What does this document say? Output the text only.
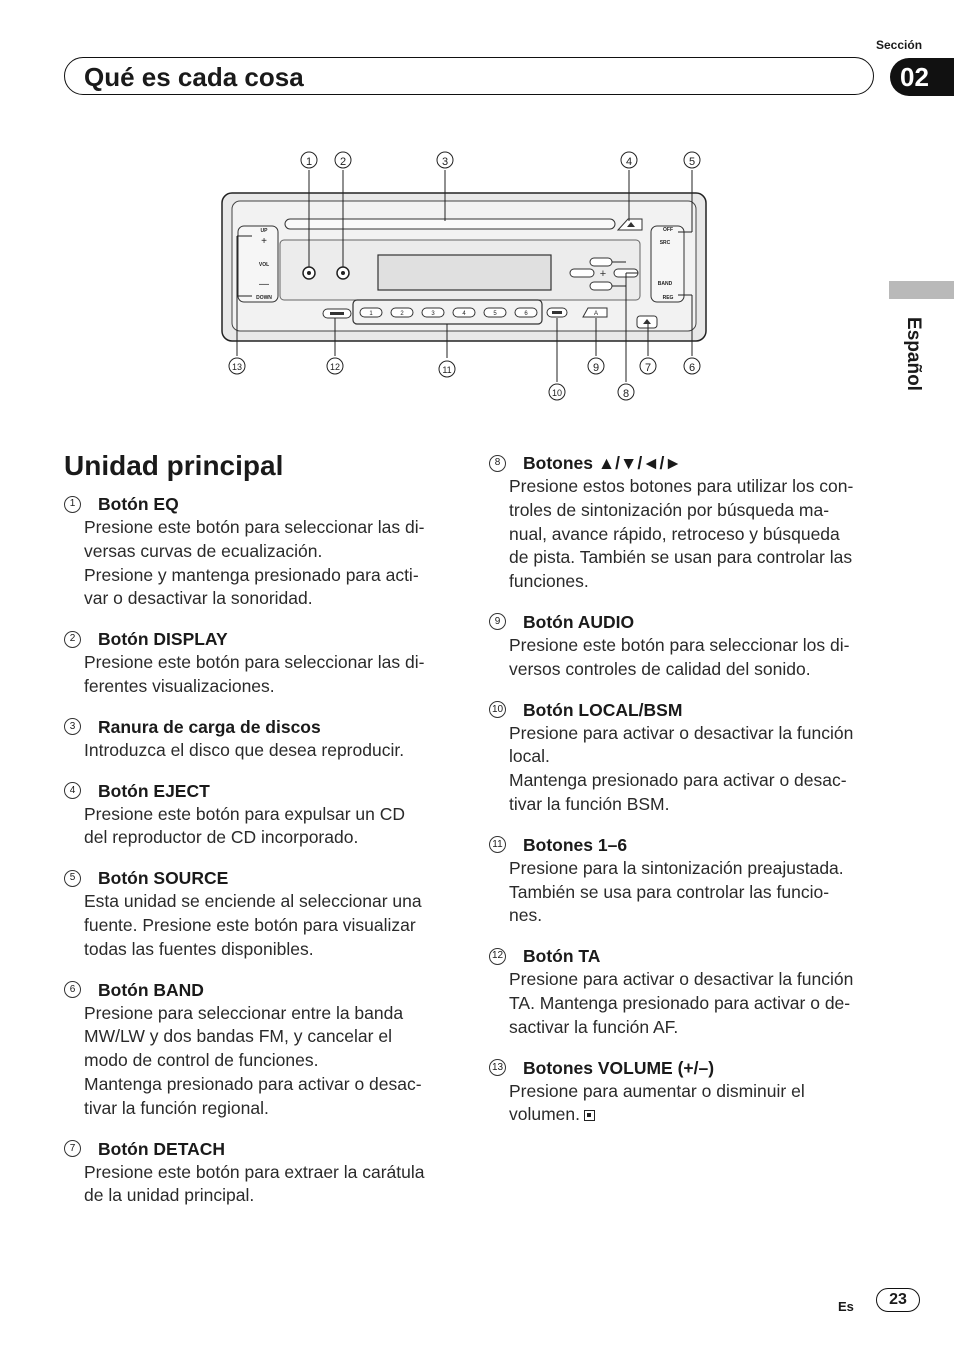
Sección
02
Qué es cada cosa
Español
+
UP
+
VOL
—
DOWN
OFF
SRC
BAND
REG
1	2	3	4	5	6	A
1	2	3	4	5
6
7
8
9
10
11
12
13
Unidad principal
1	Botón EQ
Presione este botón para seleccionar las di-
versas curvas de ecualización.
Presione y mantenga presionado para acti-
var o desactivar la sonoridad.
2	Botón DISPLAY
Presione este botón para seleccionar las di-
ferentes visualizaciones.
3	Ranura de carga de discos
Introduzca el disco que desea reproducir.
4	Botón EJECT
Presione este botón para expulsar un CD
del reproductor de CD incorporado.
5	Botón SOURCE
Esta unidad se enciende al seleccionar una
fuente. Presione este botón para visualizar
todas las fuentes disponibles.
6	Botón BAND
Presione para seleccionar entre la banda
MW/LW y dos bandas FM, y cancelar el
modo de control de funciones.
Mantenga presionado para activar o desac-
tivar la función regional.
7	Botón DETACH
Presione este botón para extraer la carátula
de la unidad principal.
8	Botones ▲/▼/◄/►
Presione estos botones para utilizar los con-
troles de sintonización por búsqueda ma-
nual, avance rápido, retroceso y búsqueda
de pista. También se usan para controlar las
funciones.
9	Botón AUDIO
Presione este botón para seleccionar los di-
versos controles de calidad del sonido.
10 Botón LOCAL/BSM
Presione para activar o desactivar la función
local.
Mantenga presionado para activar o desac-
tivar la función BSM.
11 Botones 1–6
Presione para la sintonización preajustada.
También se usa para controlar las funcio-
nes.
12 Botón TA
Presione para activar o desactivar la función
TA. Mantenga presionado para activar o de-
sactivar la función AF.
13 Botones VOLUME (+/–)
Presione para aumentar o disminuir el
volumen.
Es	23
